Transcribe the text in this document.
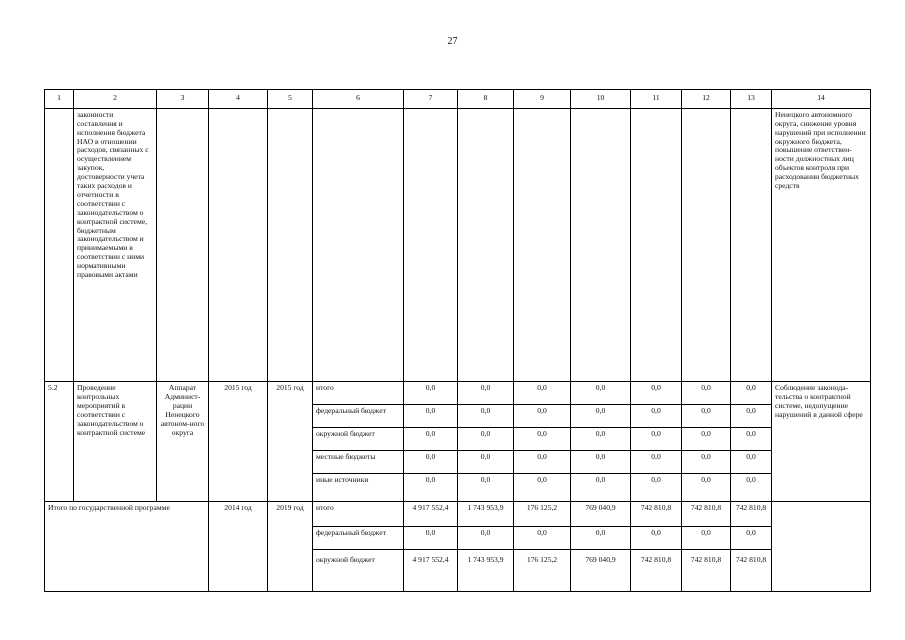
27
1	2	3	4	5	6	7	8	9	10	11	12	13	14
	законности составления и исполнения бюджета НАО в отношении расходов, связанных с осуществлением закупок, достоверности учета таких расходов и отчетности в соответствии с законодательством о контрактной системе, бюджетным законодательством и принимаемыми в соответствии с ними нормативными правовыми актами												Ненецкого автономного округа, снижение уровня нарушений при исполнении окружного бюджета, повышение ответствен-ности должностных лиц объектов контроля при расходовании бюджетных средств
5.2	Проведение контрольных мероприятий в соответствии с законодательством о контрактной системе	Аппарат Админист-рации Ненецкого автоном-ного округа	2015 год	2015 год	итого	0,0	0,0	0,0	0,0	0,0	0,0	0,0	Соблюдение законода-тельства о контрактной системе, недопущение нарушений в данной сфере
					федеральный бюджет	0,0	0,0	0,0	0,0	0,0	0,0	0,0	
					окружной бюджет	0,0	0,0	0,0	0,0	0,0	0,0	0,0	
					местные бюджеты	0,0	0,0	0,0	0,0	0,0	0,0	0,0	
					иные источники	0,0	0,0	0,0	0,0	0,0	0,0	0,0	
Итого по государственной программе			2014 год	2019 год	итого	4 917 552,4	1 743 953,9	176 125,2	769 040,9	742 810,8	742 810,8	742 810,8	
					федеральный бюджет	0,0	0,0	0,0	0,0	0,0	0,0	0,0	
					окружной бюджет	4 917 552,4	1 743 953,9	176 125,2	769 040,9	742 810,8	742 810,8	742 810,8	
